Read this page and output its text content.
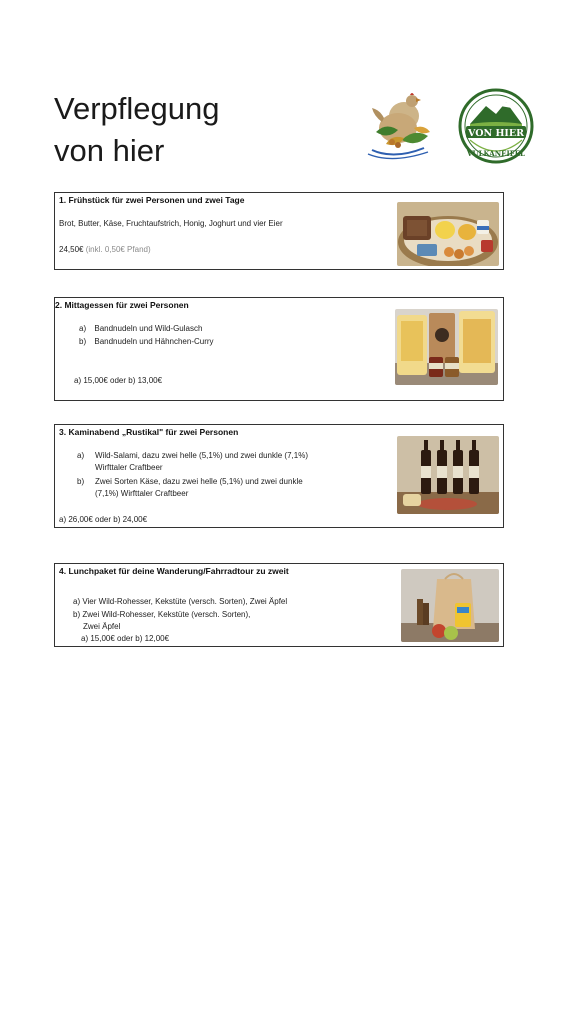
Verpflegung
von hier	VON HIER
VULKANEIFEL
1. Frühstück für zwei Personen und zwei Tage
Brot, Butter, Käse, Fruchtaufstrich, Honig, Joghurt und vier Eier
24,50€ (inkl. 0,50€ Pfand)
2. Mittagessen für zwei Personen
a) Bandnudeln und Wild-Gulasch
b) Bandnudeln und Hähnchen-Curry
a) 15,00€ oder b) 13,00€
3. Kaminabend „Rustikal" für zwei Personen
a) Wild-Salami, dazu zwei helle (5,1%) und zwei dunkle (7,1%)
Wirfttaler Craftbeer
b) Zwei Sorten Käse, dazu zwei helle (5,1%) und zwei dunkle
(7,1%) Wirfttaler Craftbeer
a) 26,00€ oder b) 24,00€
4. Lunchpaket für deine Wanderung/Fahrradtour zu zweit
a) Vier Wild-Rohesser, Kekstüte (versch. Sorten), Zwei Äpfel
b) Zwei Wild-Rohesser, Kekstüte (versch. Sorten),
Zwei Äpfel
a) 15,00€ oder b) 12,00€
